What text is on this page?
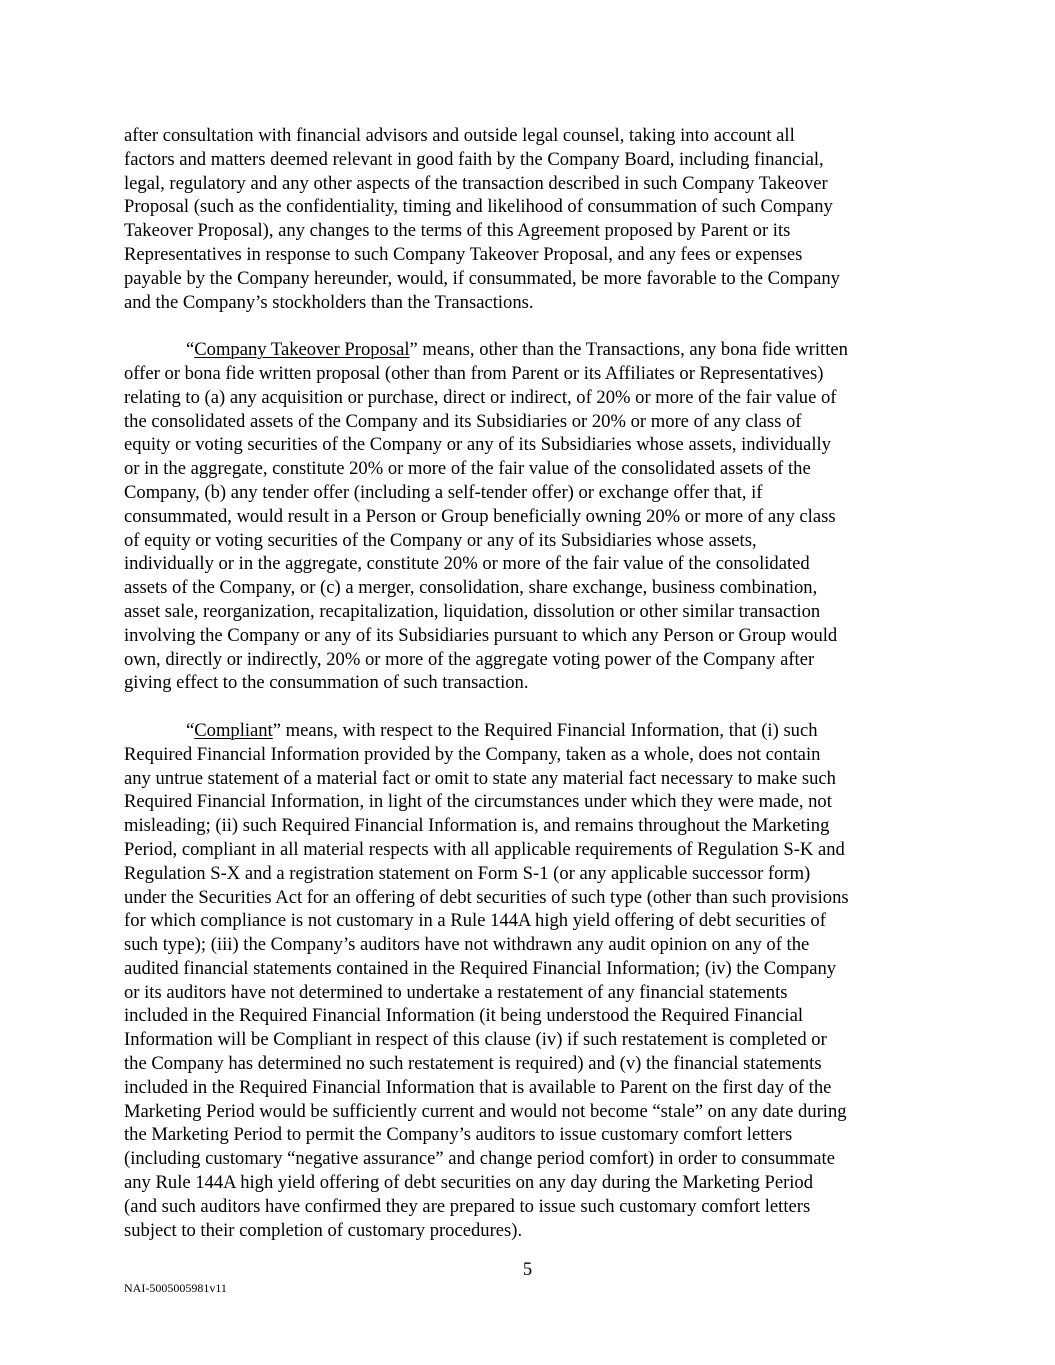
after consultation with financial advisors and outside legal counsel, taking into account all
factors and matters deemed relevant in good faith by the Company Board, including financial,
legal, regulatory and any other aspects of the transaction described in such Company Takeover
Proposal (such as the confidentiality, timing and likelihood of consummation of such Company
Takeover Proposal), any changes to the terms of this Agreement proposed by Parent or its
Representatives in response to such Company Takeover Proposal, and any fees or expenses
payable by the Company hereunder, would, if consummated, be more favorable to the Company
and the Company’s stockholders than the Transactions.
“Company Takeover Proposal” means, other than the Transactions, any bona fide written
offer or bona fide written proposal (other than from Parent or its Affiliates or Representatives)
relating to (a) any acquisition or purchase, direct or indirect, of 20% or more of the fair value of
the consolidated assets of the Company and its Subsidiaries or 20% or more of any class of
equity or voting securities of the Company or any of its Subsidiaries whose assets, individually
or in the aggregate, constitute 20% or more of the fair value of the consolidated assets of the
Company, (b) any tender offer (including a self-tender offer) or exchange offer that, if
consummated, would result in a Person or Group beneficially owning 20% or more of any class
of equity or voting securities of the Company or any of its Subsidiaries whose assets,
individually or in the aggregate, constitute 20% or more of the fair value of the consolidated
assets of the Company, or (c) a merger, consolidation, share exchange, business combination,
asset sale, reorganization, recapitalization, liquidation, dissolution or other similar transaction
involving the Company or any of its Subsidiaries pursuant to which any Person or Group would
own, directly or indirectly, 20% or more of the aggregate voting power of the Company after
giving effect to the consummation of such transaction.
“Compliant” means, with respect to the Required Financial Information, that (i) such
Required Financial Information provided by the Company, taken as a whole, does not contain
any untrue statement of a material fact or omit to state any material fact necessary to make such
Required Financial Information, in light of the circumstances under which they were made, not
misleading; (ii) such Required Financial Information is, and remains throughout the Marketing
Period, compliant in all material respects with all applicable requirements of Regulation S-K and
Regulation S-X and a registration statement on Form S-1 (or any applicable successor form)
under the Securities Act for an offering of debt securities of such type (other than such provisions
for which compliance is not customary in a Rule 144A high yield offering of debt securities of
such type); (iii) the Company’s auditors have not withdrawn any audit opinion on any of the
audited financial statements contained in the Required Financial Information; (iv) the Company
or its auditors have not determined to undertake a restatement of any financial statements
included in the Required Financial Information (it being understood the Required Financial
Information will be Compliant in respect of this clause (iv) if such restatement is completed or
the Company has determined no such restatement is required) and (v) the financial statements
included in the Required Financial Information that is available to Parent on the first day of the
Marketing Period would be sufficiently current and would not become “stale” on any date during
the Marketing Period to permit the Company’s auditors to issue customary comfort letters
(including customary “negative assurance” and change period comfort) in order to consummate
any Rule 144A high yield offering of debt securities on any day during the Marketing Period
(and such auditors have confirmed they are prepared to issue such customary comfort letters
subject to their completion of customary procedures).
5
NAI-5005005981v11
